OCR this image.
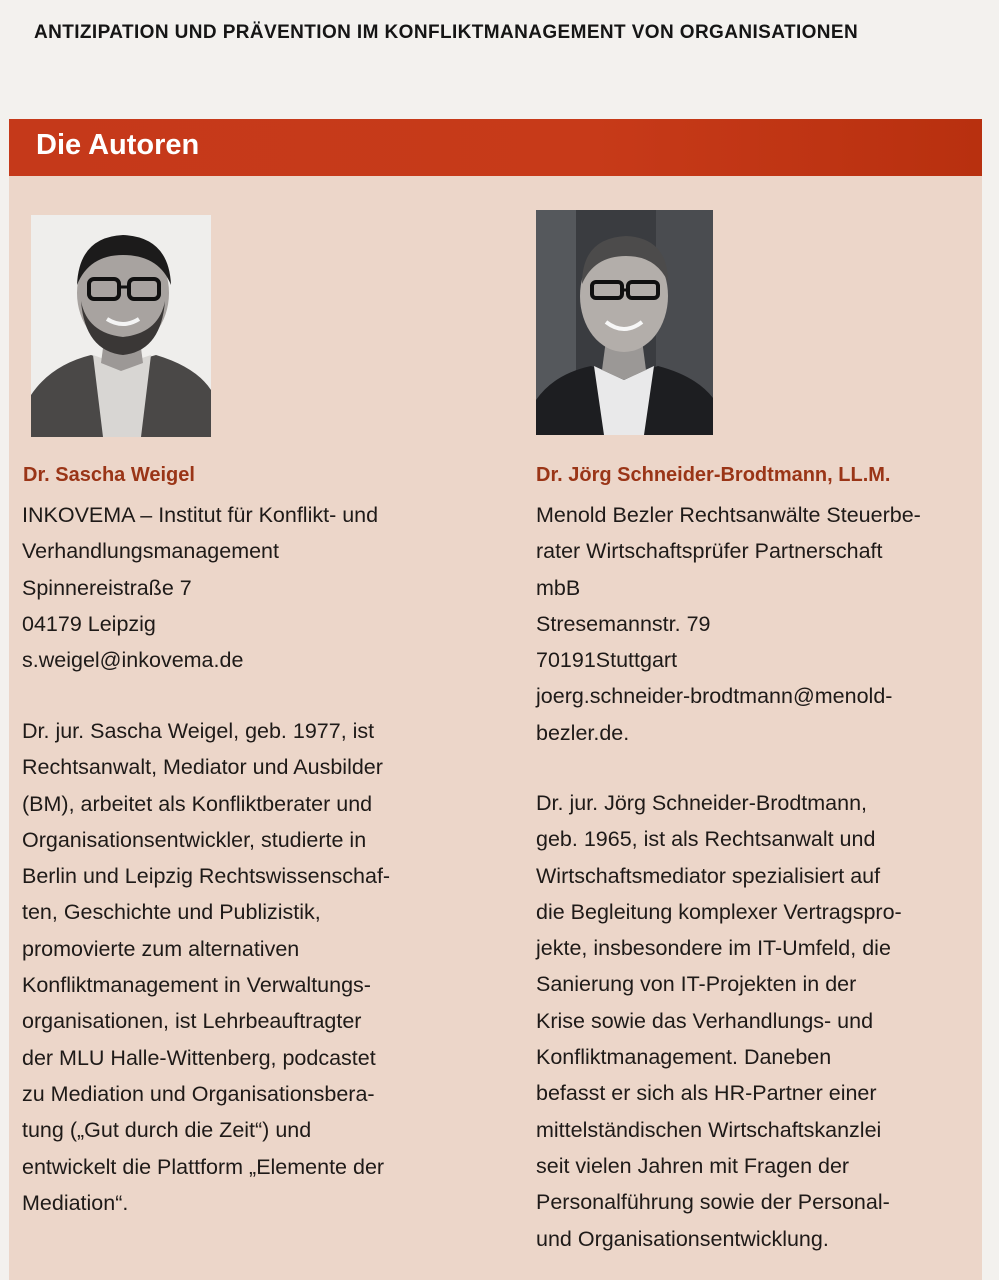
ANTIZIPATION UND PRÄVENTION IM KONFLIKTMANAGEMENT VON ORGANISATIONEN
Die Autoren
Dr. Sascha Weigel
INKOVEMA – Institut für Konflikt- und
Verhandlungsmanagement
Spinnereistraße 7
04179 Leipzig
s.weigel@inkovema.de
Dr. jur. Sascha Weigel, geb. 1977, ist
Rechtsanwalt, Mediator und Ausbilder
(BM), arbeitet als Konfliktberater und
Organisationsentwickler, studierte in
Berlin und Leipzig Rechtswissenschaf-
ten, Geschichte und Publizistik,
promovierte zum alternativen
Konfliktmanagement in Verwaltungs-
organisationen, ist Lehrbeauftragter
der MLU Halle-Wittenberg, podcastet
zu Mediation und Organisationsbera-
tung („Gut durch die Zeit“) und
entwickelt die Plattform „Elemente der
Mediation“.
Dr. Jörg Schneider-Brodtmann, LL.M.
Menold Bezler Rechtsanwälte Steuerbe-
rater Wirtschaftsprüfer Partnerschaft
mbB
Stresemannstr. 79
70191Stuttgart
joerg.schneider-brodtmann@menold-
bezler.de.
Dr. jur. Jörg Schneider-Brodtmann,
geb. 1965, ist als Rechtsanwalt und
Wirtschaftsmediator spezialisiert auf
die Begleitung komplexer Vertragspro-
jekte, insbesondere im IT-Umfeld, die
Sanierung von IT-Projekten in der
Krise sowie das Verhandlungs- und
Konfliktmanagement. Daneben
befasst er sich als HR-Partner einer
mittelständischen Wirtschaftskanzlei
seit vielen Jahren mit Fragen der
Personalführung sowie der Personal-
und Organisationsentwicklung.
